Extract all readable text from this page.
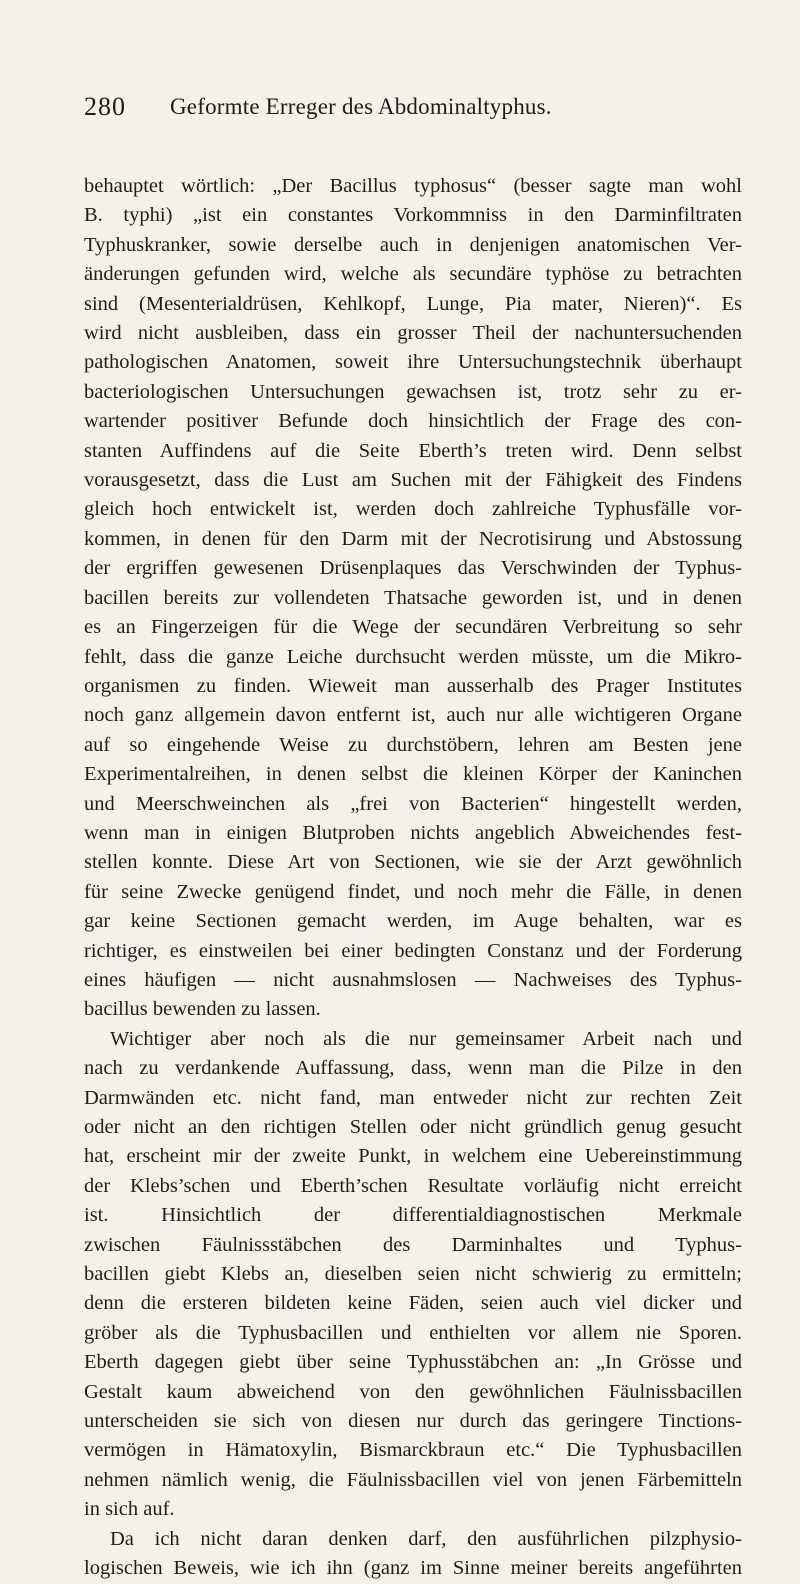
280 Geformte Erreger des Abdominaltyphus.
behauptet wörtlich: „Der Bacillus typhosus“ (besser sagte man wohl
B. typhi) „ist ein constantes Vorkommniss in den Darminfiltraten
Typhuskranker, sowie derselbe auch in denjenigen anatomischen Ver-
änderungen gefunden wird, welche als secundäre typhöse zu betrachten
sind (Mesenterialdrüsen, Kehlkopf, Lunge, Pia mater, Nieren)“. Es
wird nicht ausbleiben, dass ein grosser Theil der nachuntersuchenden
pathologischen Anatomen, soweit ihre Untersuchungstechnik überhaupt
bacteriologischen Untersuchungen gewachsen ist, trotz sehr zu er-
wartender positiver Befunde doch hinsichtlich der Frage des con-
stanten Auffindens auf die Seite Eberth’s treten wird. Denn selbst
vorausgesetzt, dass die Lust am Suchen mit der Fähigkeit des Findens
gleich hoch entwickelt ist, werden doch zahlreiche Typhusfälle vor-
kommen, in denen für den Darm mit der Necrotisirung und Abstossung
der ergriffen gewesenen Drüsenplaques das Verschwinden der Typhus-
bacillen bereits zur vollendeten Thatsache geworden ist, und in denen
es an Fingerzeigen für die Wege der secundären Verbreitung so sehr
fehlt, dass die ganze Leiche durchsucht werden müsste, um die Mikro-
organismen zu finden. Wieweit man ausserhalb des Prager Institutes
noch ganz allgemein davon entfernt ist, auch nur alle wichtigeren Organe
auf so eingehende Weise zu durchstöbern, lehren am Besten jene
Experimentalreihen, in denen selbst die kleinen Körper der Kaninchen
und Meerschweinchen als „frei von Bacterien“ hingestellt werden,
wenn man in einigen Blutproben nichts angeblich Abweichendes fest-
stellen konnte. Diese Art von Sectionen, wie sie der Arzt gewöhnlich
für seine Zwecke genügend findet, und noch mehr die Fälle, in denen
gar keine Sectionen gemacht werden, im Auge behalten, war es
richtiger, es einstweilen bei einer bedingten Constanz und der Forderung
eines häufigen — nicht ausnahmslosen — Nachweises des Typhus-
bacillus bewenden zu lassen.
Wichtiger aber noch als die nur gemeinsamer Arbeit nach und
nach zu verdankende Auffassung, dass, wenn man die Pilze in den
Darmwänden etc. nicht fand, man entweder nicht zur rechten Zeit
oder nicht an den richtigen Stellen oder nicht gründlich genug gesucht
hat, erscheint mir der zweite Punkt, in welchem eine Uebereinstimmung
der Klebs’schen und Eberth’schen Resultate vorläufig nicht erreicht
ist. Hinsichtlich der differentialdiagnostischen Merkmale
zwischen Fäulnissstäbchen des Darminhaltes und Typhus-
bacillen giebt Klebs an, dieselben seien nicht schwierig zu ermitteln;
denn die ersteren bildeten keine Fäden, seien auch viel dicker und
gröber als die Typhusbacillen und enthielten vor allem nie Sporen.
Eberth dagegen giebt über seine Typhusstäbchen an: „In Grösse und
Gestalt kaum abweichend von den gewöhnlichen Fäulnissbacillen
unterscheiden sie sich von diesen nur durch das geringere Tinctions-
vermögen in Hämatoxylin, Bismarckbraun etc.“ Die Typhusbacillen
nehmen nämlich wenig, die Fäulnissbacillen viel von jenen Färbemitteln
in sich auf.
Da ich nicht daran denken darf, den ausführlichen pilzphysio-
logischen Beweis, wie ich ihn (ganz im Sinne meiner bereits angeführten
